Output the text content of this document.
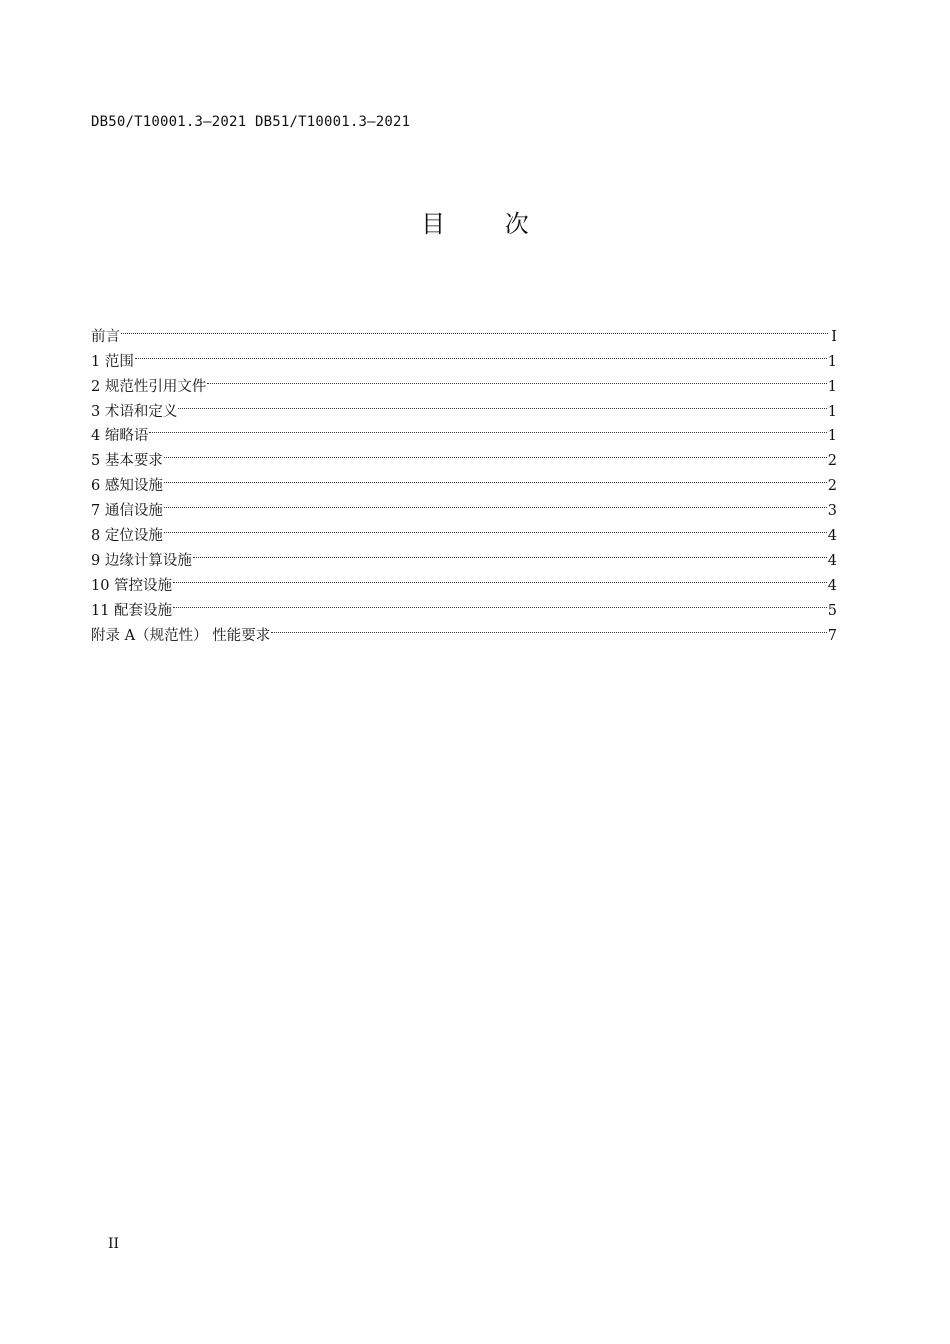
DB50/T10001.3—2021 DB51/T10001.3—2021
目 次
前言	I
1 范围	1
2 规范性引用文件	1
3 术语和定义	1
4 缩略语	1
5 基本要求	2
6 感知设施	2
7 通信设施	3
8 定位设施	4
9 边缘计算设施	4
10 管控设施	4
11 配套设施	5
附录 A（规范性） 性能要求	7
II
